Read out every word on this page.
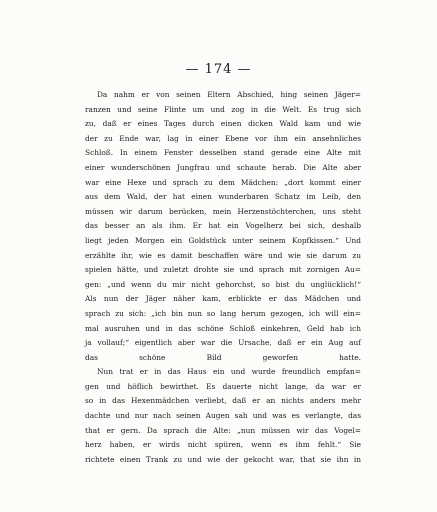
— 174 —
Da nahm er von seinen Eltern Abschied, hing seinen Jäger=
ranzen und seine Flinte um und zog in die Welt. Es trug sich
zu, daß er eines Tages durch einen dicken Wald kam und wie
der zu Ende war, lag in einer Ebene vor ihm ein ansehnliches
Schloß. In einem Fenster desselben stand gerade eine Alte mit
einer wunderschönen Jungfrau und schaute herab. Die Alte aber
war eine Hexe und sprach zu dem Mädchen: „dort kommt einer
aus dem Wald, der hat einen wunderbaren Schatz im Leib, den
müssen wir darum berücken, mein Herzenstöchterchen, uns steht
das besser an als ihm. Er hat ein Vogelherz bei sich, deshalb
liegt jeden Morgen ein Goldstück unter seinem Kopfkissen.“ Und
erzählte ihr, wie es damit beschaffen wäre und wie sie darum zu
spielen hätte, und zuletzt drohte sie und sprach mit zornigen Au=
gen: „und wenn du mir nicht gehorchst, so bist du unglücklich!“
Als nun der Jäger näher kam, erblickte er das Mädchen und
sprach zu sich: „ich bin nun so lang herum gezogen, ich will ein=
mal ausruhen und in das schöne Schloß einkehren, Geld hab ich
ja vollauf;“ eigentlich aber war die Ursache, daß er ein Aug auf
das schöne Bild geworfen hatte.
Nun trat er in das Haus ein und wurde freundlich empfan=
gen und höflich bewirthet. Es dauerte nicht lange, da war er
so in das Hexenmädchen verliebt, daß er an nichts anders mehr
dachte und nur nach seinen Augen sah und was es verlangte, das
that er gern. Da sprach die Alte: „nun müssen wir das Vogel=
herz haben, er wirds nicht spüren, wenn es ihm fehlt.“ Sie
richtete einen Trank zu und wie der gekocht war, that sie ihn in
